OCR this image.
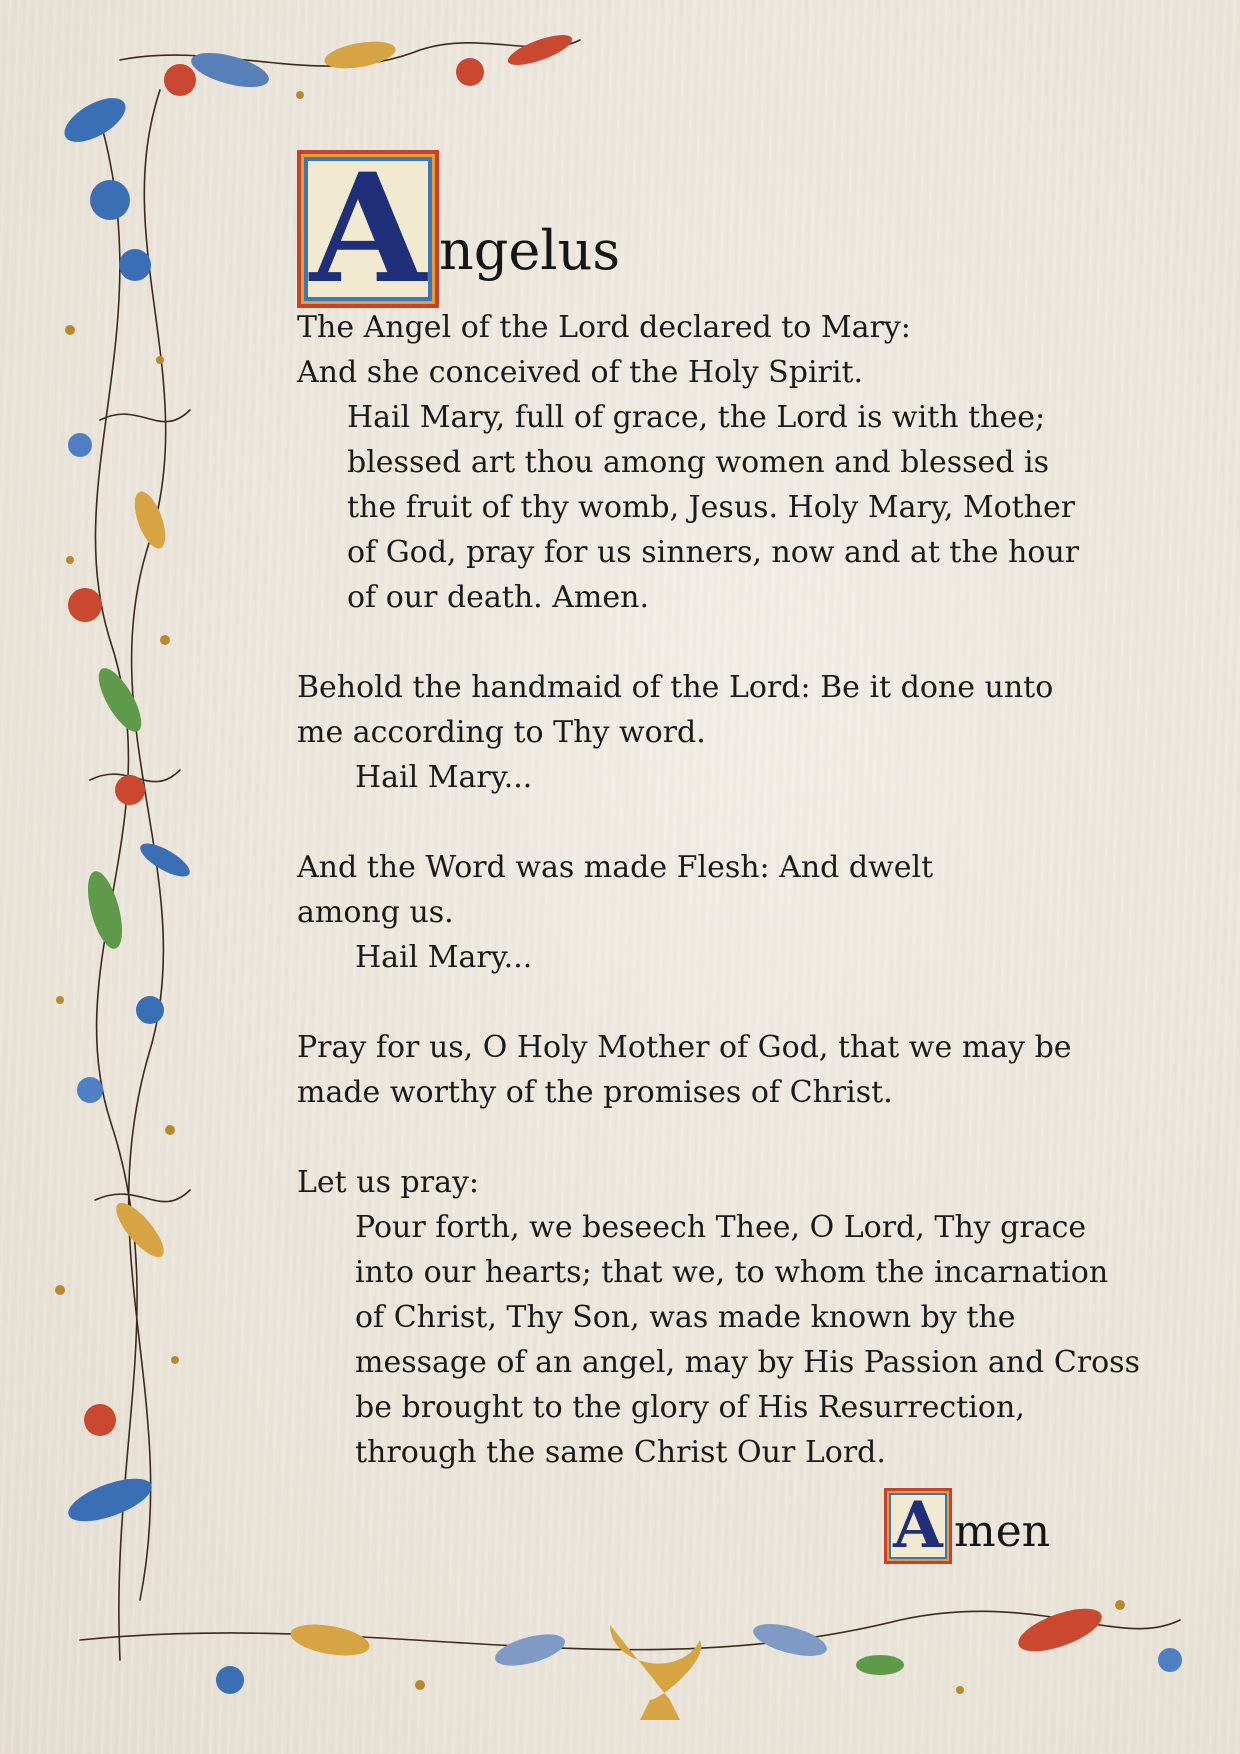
A ngelus
The Angel of the Lord declared to Mary:
And she conceived of the Holy Spirit.
Hail Mary, full of grace, the Lord is with thee;
blessed art thou among women and blessed is
the fruit of thy womb, Jesus. Holy Mary, Mother
of God, pray for us sinners, now and at the hour
of our death. Amen.
Behold the handmaid of the Lord: Be it done unto
me according to Thy word.
Hail Mary...
And the Word was made Flesh: And dwelt
among us.
Hail Mary...
Pray for us, O Holy Mother of God, that we may be
made worthy of the promises of Christ.
Let us pray:
Pour forth, we beseech Thee, O Lord, Thy grace
into our hearts; that we, to whom the incarnation
of Christ, Thy Son, was made known by the
message of an angel, may by His Passion and Cross
be brought to the glory of His Resurrection,
through the same Christ Our Lord.
A men
